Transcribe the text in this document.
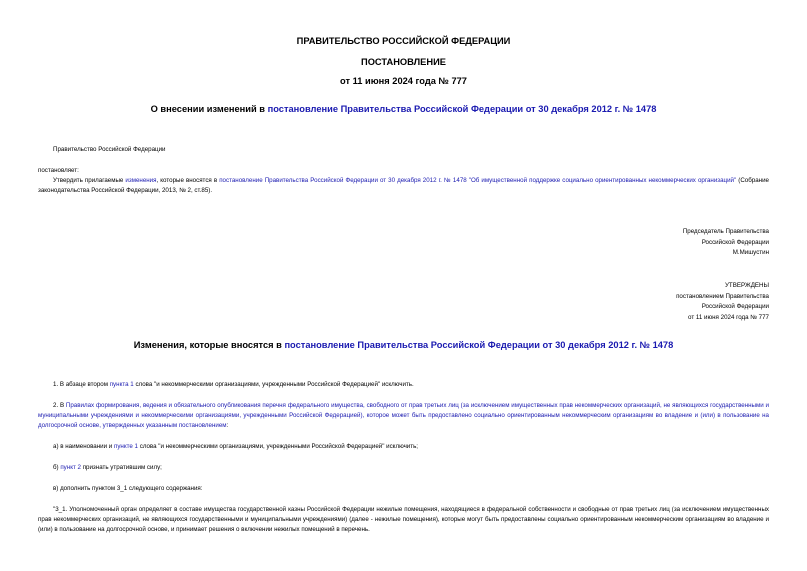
ПРАВИТЕЛЬСТВО РОССИЙСКОЙ ФЕДЕРАЦИИ
ПОСТАНОВЛЕНИЕ
от 11 июня 2024 года № 777
О внесении изменений в постановление Правительства Российской Федерации от 30 декабря 2012 г. № 1478
Правительство Российской Федерации
постановляет:
Утвердить прилагаемые изменения, которые вносятся в постановление Правительства Российской Федерации от 30 декабря 2012 г. № 1478 "Об имущественной поддержке социально ориентированных некоммерческих организаций" (Собрание законодательства Российской Федерации, 2013, № 2, ст.85).
Председатель Правительства
Российской Федерации
М.Мишустин
УТВЕРЖДЕНЫ
постановлением Правительства
Российской Федерации
от 11 июня 2024 года № 777
Изменения, которые вносятся в постановление Правительства Российской Федерации от 30 декабря 2012 г. № 1478
1. В абзаце втором пункта 1 слова "и некоммерческими организациями, учрежденными Российской Федерацией" исключить.
2. В Правилах формирования, ведения и обязательного опубликования перечня федерального имущества, свободного от прав третьих лиц (за исключением имущественных прав некоммерческих организаций, не являющихся государственными и муниципальными учреждениями и некоммерческими организациями, учрежденными Российской Федерацией), которое может быть предоставлено социально ориентированным некоммерческим организациям во владение и (или) в пользование на долгосрочной основе, утвержденных указанным постановлением:
а) в наименовании и пункте 1 слова "и некоммерческими организациями, учрежденными Российской Федерацией" исключить;
б) пункт 2 признать утратившим силу;
в) дополнить пунктом 3_1 следующего содержания:
"3_1. Уполномоченный орган определяет в составе имущества государственной казны Российской Федерации нежилые помещения, находящиеся в федеральной собственности и свободные от прав третьих лиц (за исключением имущественных прав некоммерческих организаций, не являющихся государственными и муниципальными учреждениями) (далее - нежилые помещения), которые могут быть предоставлены социально ориентированным некоммерческим организациям во владение и (или) в пользование на долгосрочной основе, и принимает решения о включении нежилых помещений в перечень.
